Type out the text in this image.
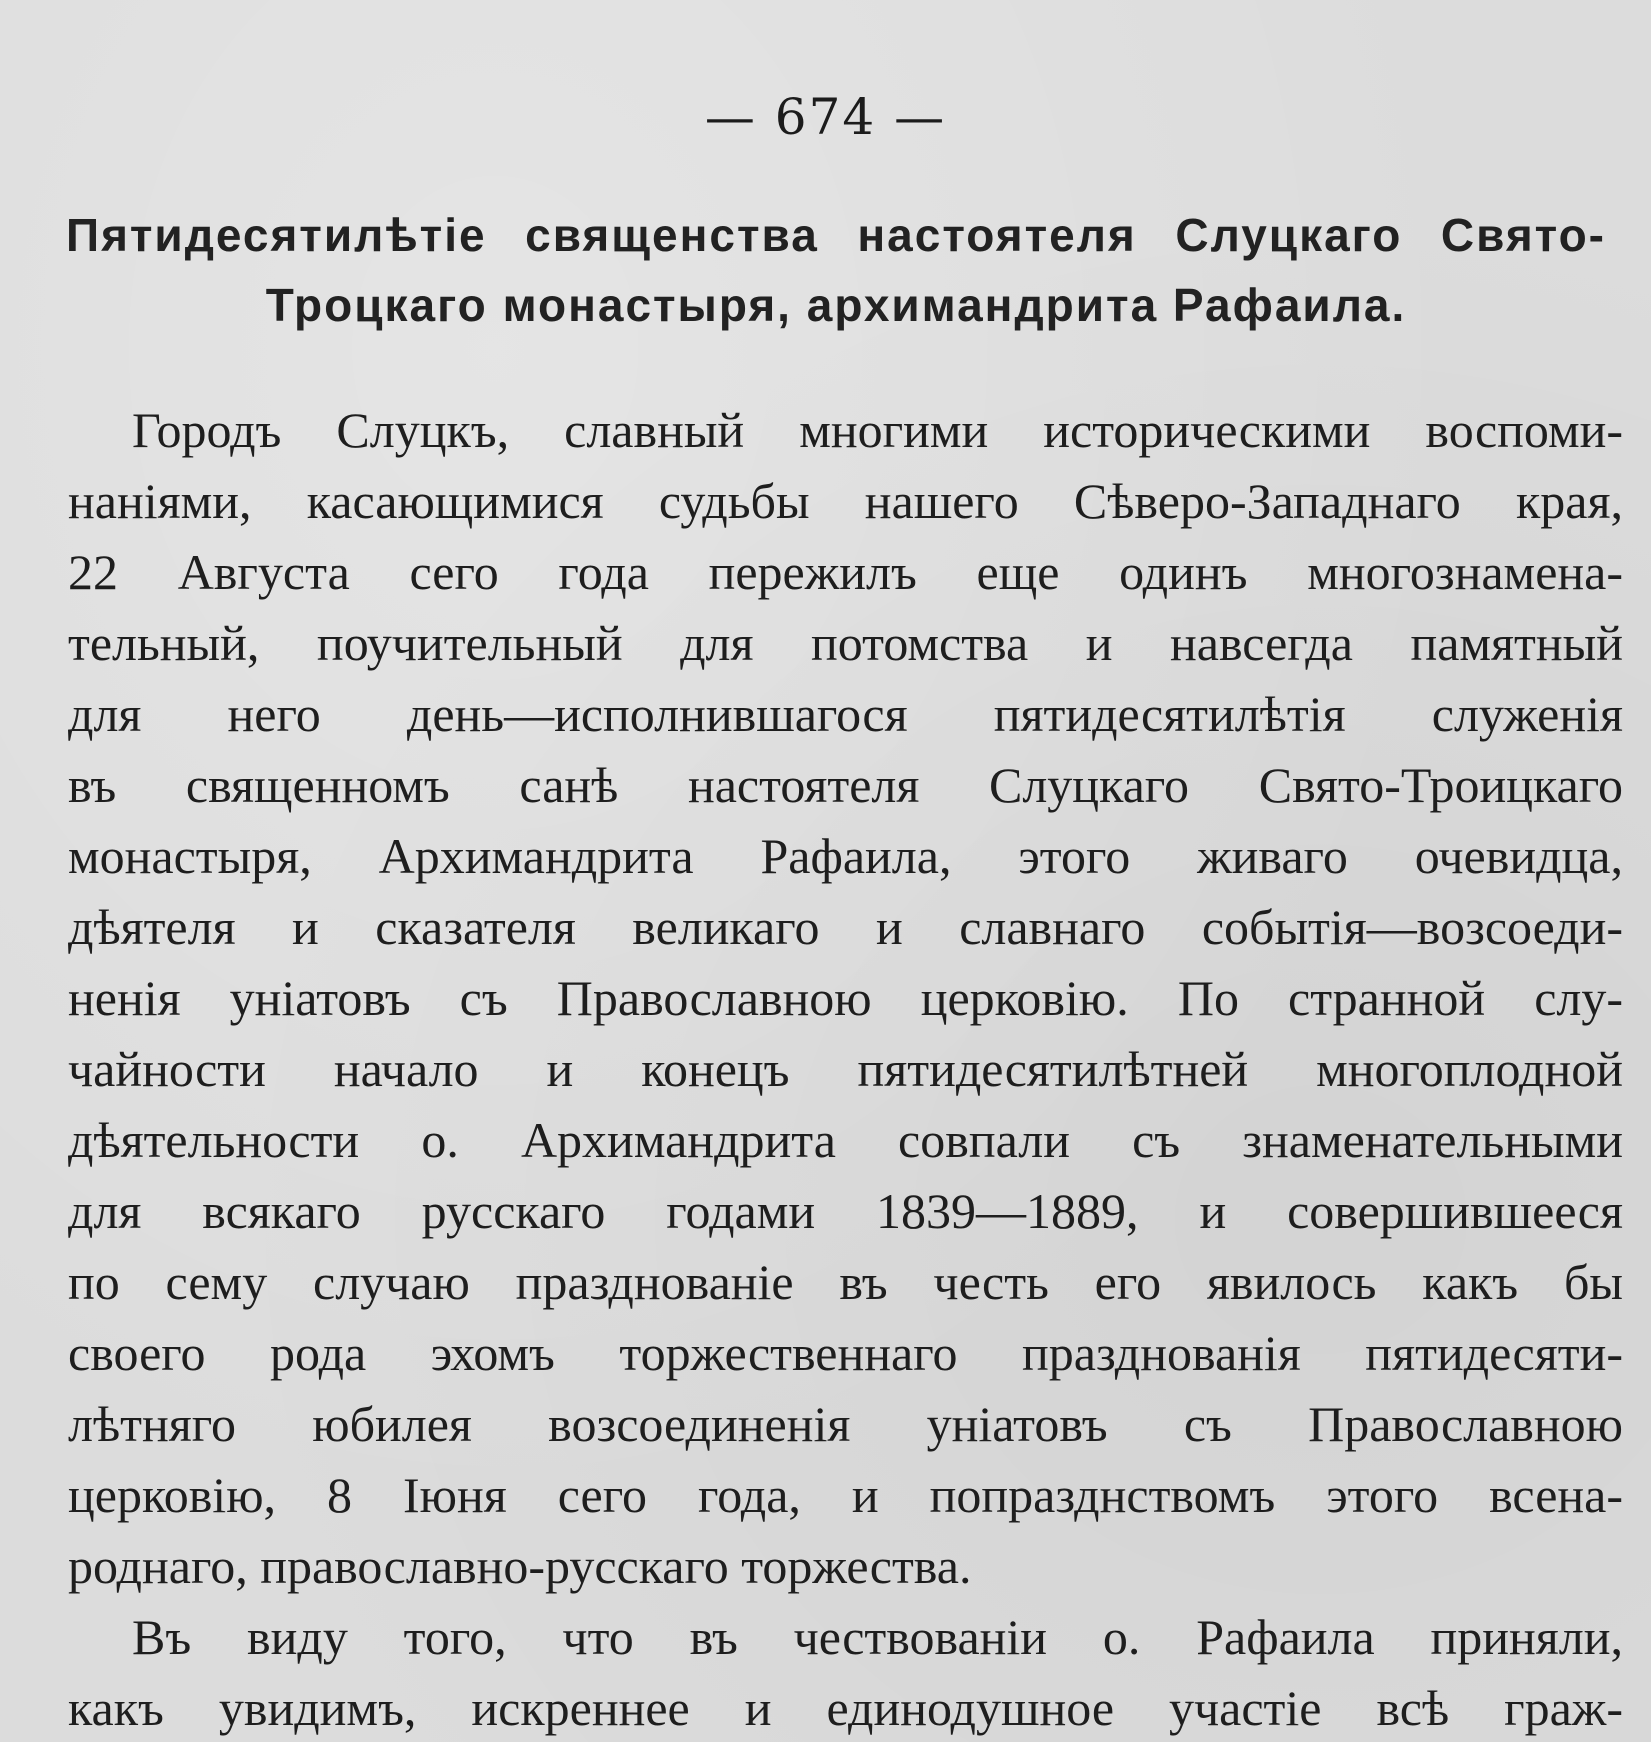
— 674 —
Пятидесятилѣтіе священства настоятеля Слуцкаго Свято-
Троцкаго монастыря, архимандрита Рафаила.
Городъ Слуцкъ, славный многими историческими воспоми-
наніями, касающимися судьбы нашего Сѣверо-Западнаго края,
22 Августа сего года пережилъ еще одинъ многознамена-
тельный, поучительный для потомства и навсегда памятный
для него день—исполнившагося пятидесятилѣтія служенія
въ священномъ санѣ настоятеля Слуцкаго Свято-Троицкаго
монастыря, Архимандрита Рафаила, этого живаго очевидца,
дѣятеля и сказателя великаго и славнаго событія—возсоеди-
ненія уніатовъ съ Православною церковію. По странной слу-
чайности начало и конецъ пятидесятилѣтней многоплодной
дѣятельности о. Архимандрита совпали съ знаменательными
для всякаго русскаго годами 1839—1889, и совершившееся
по сему случаю празднованіе въ честь его явилось какъ бы
своего рода эхомъ торжественнаго празднованія пятидесяти-
лѣтняго юбилея возсоединенія уніатовъ съ Православною
церковію, 8 Іюня сего года, и попразднствомъ этого всена-
роднаго, православно-русскаго торжества.
Въ виду того, что въ чествованіи о. Рафаила приняли,
какъ увидимъ, искреннее и единодушное участіе всѣ граж-
